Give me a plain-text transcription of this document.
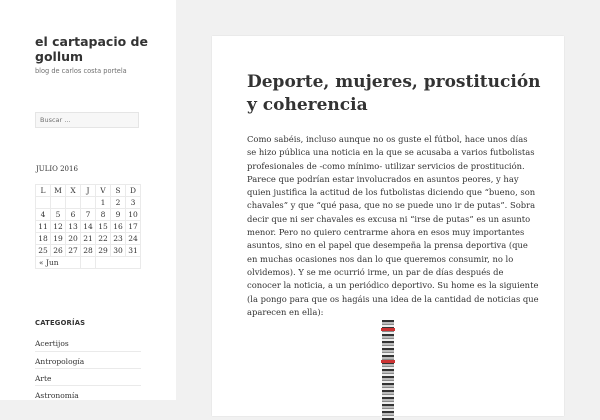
el cartapacio de gollum
blog de carlos costa portela
Buscar …
JULIO 2016
L	M	X	J	V	S	D
				1	2	3
4	5	6	7	8	9	10
11	12	13	14	15	16	17
18	19	20	21	22	23	24
25	26	27	28	29	30	31
« Jun						
CATEGORÍAS
Acertijos
Antropología
Arte
Astronomía
Deporte, mujeres, prostitución y coherencia

Como sabéis, incluso aunque no os guste el fútbol, hace unos días se hizo pública una noticia en la que se acusaba a varios futbolistas profesionales de -como mínimo- utilizar servicios de prostitución. Parece que podrían estar involucrados en asuntos peores, y hay quien justifica la actitud de los futbolistas diciendo que “bueno, son chavales” y que “qué pasa, que no se puede uno ir de putas”. Sobra decir que ni ser chavales es excusa ni “irse de putas” es un asunto menor. Pero no quiero centrarme ahora en esos muy importantes asuntos, sino en el papel que desempeña la prensa deportiva (que en muchas ocasiones nos dan lo que queremos consumir, no lo olvidemos). Y se me ocurrió irme, un par de días después de conocer la noticia, a un periódico deportivo. Su home es la siguiente (la pongo para que os hagáis una idea de la cantidad de noticias que aparecen en ella):
